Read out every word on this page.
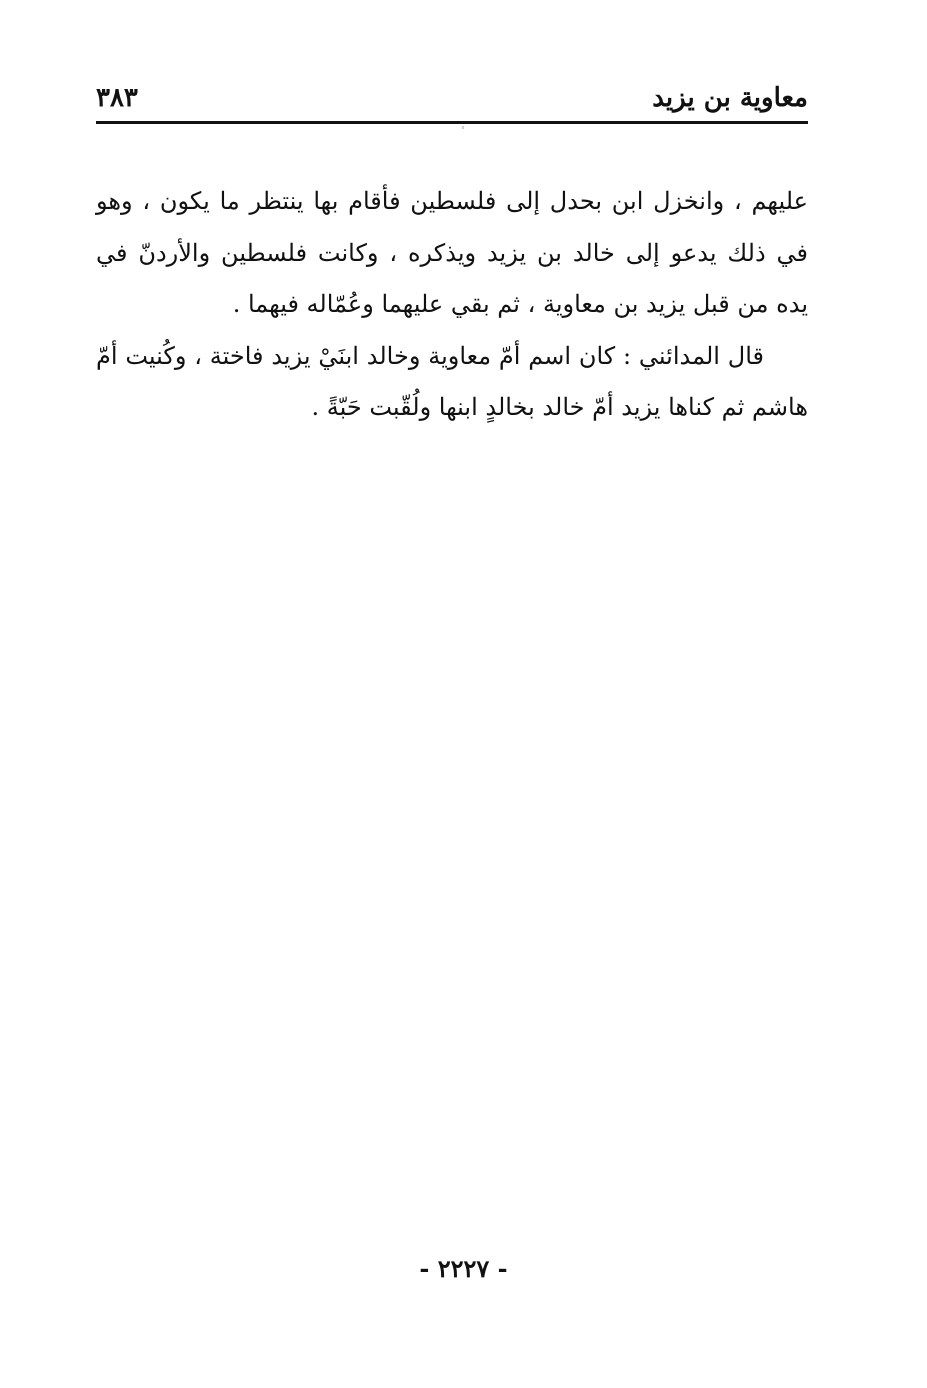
معاوية بن يزيد
٣٨٣

عليهم ، وانخزل ابن بحدل إلى فلسطين فأقام بها ينتظر ما يكون ، وهو في ذلك يدعو إلى خالد بن يزيد ويذكره ، وكانت فلسطين والأردنّ في يده من قبل يزيد بن معاوية ، ثم بقي عليهما وعُمّاله فيهما .

قال المدائني : كان اسم أمّ معاوية وخالد ابنَيْ يزيد فاختة ، وكُنيت أمّ هاشم ثم كناها يزيد أمّ خالد بخالدٍ ابنها ولُقّبت حَبّةً .

- ٢٢٢٧ -
